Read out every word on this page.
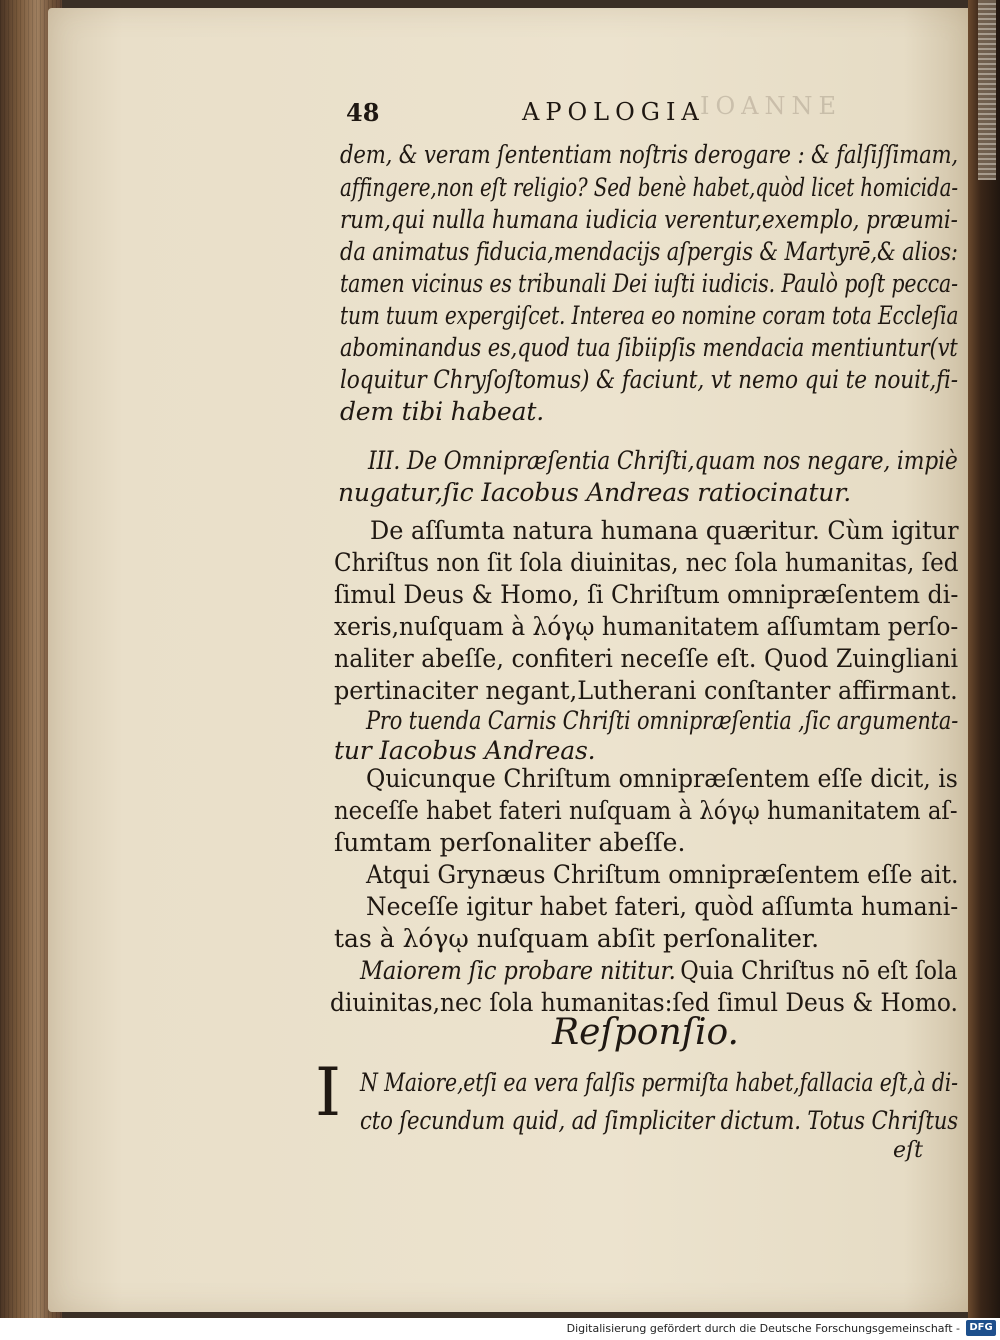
IOANNE
48	APOLOGIA
dem, & veram ſententiam noſtris derogare : & falſiſſimam,
affingere,non eſt religio? Sed benè habet,quòd licet homicida-
rum,qui nulla humana iudicia verentur,exemplo, præumi-
da animatus fiducia,mendacijs aſpergis & Martyrē,& alios:
tamen vicinus es tribunali Dei iuſti iudicis. Paulò poſt pecca-
tum tuum expergiſcet. Interea eo nomine coram tota Eccleſia
abominandus es,quod tua ſibiipſis mendacia mentiuntur(vt
loquitur Chryſoſtomus) & faciunt, vt nemo qui te nouit,fi-
dem tibi habeat.
III. De Omnipræſentia Chriſti,quam nos negare, impiè
nugatur,ſic Iacobus Andreas ratiocinatur.
De aſſumta natura humana quæritur. Cùm igitur
Chriſtus non ſit ſola diuinitas, nec ſola humanitas, ſed
ſimul Deus & Homo, ſi Chriſtum omnipræſentem di-
xeris,nuſquam à λόγῳ humanitatem aſſumtam perſo-
naliter abeſſe, confiteri neceſſe eſt. Quod Zuingliani
pertinaciter negant,Lutherani conſtanter affirmant.
Pro tuenda Carnis Chriſti omnipræſentia ,ſic argumenta-
tur Iacobus Andreas.
Quicunque Chriſtum omnipræſentem eſſe dicit, is
neceſſe habet fateri nuſquam à λόγῳ humanitatem aſ-
ſumtam perſonaliter abeſſe.
Atqui Grynæus Chriſtum omnipræſentem eſſe ait.
Neceſſe igitur habet fateri, quòd aſſumta humani-
tas à λόγῳ nuſquam abſit perſonaliter.
Maiorem ſic probare nititur. Quia Chriſtus nō eſt ſola
diuinitas,nec ſola humanitas:ſed ſimul Deus & Homo.
Reſponſio.
I N Maiore,etſi ea vera falſis permiſta habet,fallacia eſt,à di-
cto ſecundum quid, ad ſimpliciter dictum. Totus Chriſtus
eſt
Digitalisierung gefördert durch die Deutsche Forschungsgemeinschaft - DFG
